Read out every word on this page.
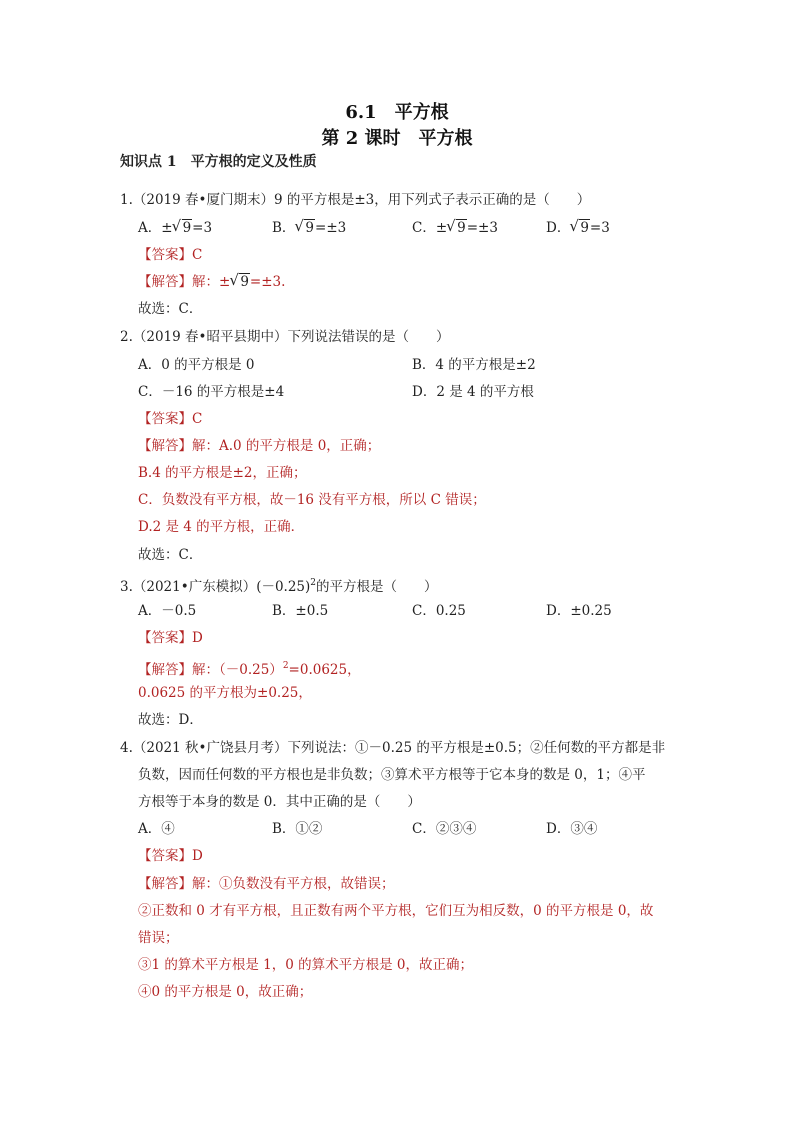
6.1　平方根
第 2 课时　平方根
知识点 1　平方根的定义及性质
1.（2019 春•厦门期末）9 的平方根是±3，用下列式子表示正确的是（　　）
A．± √ 9=3	B． √ 9=±3	C．± √ 9=±3	D． √ 9=3
【答案】C
【解答】解：± √ 9=±3.
故选：C．
2.（2019 春•昭平县期中）下列说法错误的是（　　）
A．0 的平方根是 0	B．4 的平方根是±2
C．－16 的平方根是±4	D．2 是 4 的平方根
【答案】C
【解答】解：A.0 的平方根是 0，正确；
B.4 的平方根是±2，正确；
C．负数没有平方根，故－16 没有平方根，所以 C 错误；
D.2 是 4 的平方根，正确．
故选：C．
3.（2021•广东模拟）$(-0.25)^2$的平方根是（　　）
A．－0.5	B．±0.5	C．0.25	D．±0.25
【答案】D
【解答】解：$(-0.25)^2=0.0625$，
0.0625 的平方根为±0.25，
故选：D．
4.（2021 秋•广饶县月考）下列说法：①－0.25 的平方根是±0.5；②任何数的平方都是非
负数，因而任何数的平方根也是非负数；③算术平方根等于它本身的数是 0，1；④平
方根等于本身的数是 0．其中正确的是（　　）
A．④	B．①②	C．②③④	D．③④
【答案】D
【解答】解：①负数没有平方根，故错误；
②正数和 0 才有平方根，且正数有两个平方根，它们互为相反数，0 的平方根是 0，故
错误；
③1 的算术平方根是 1，0 的算术平方根是 0，故正确；
④0 的平方根是 0，故正确；
